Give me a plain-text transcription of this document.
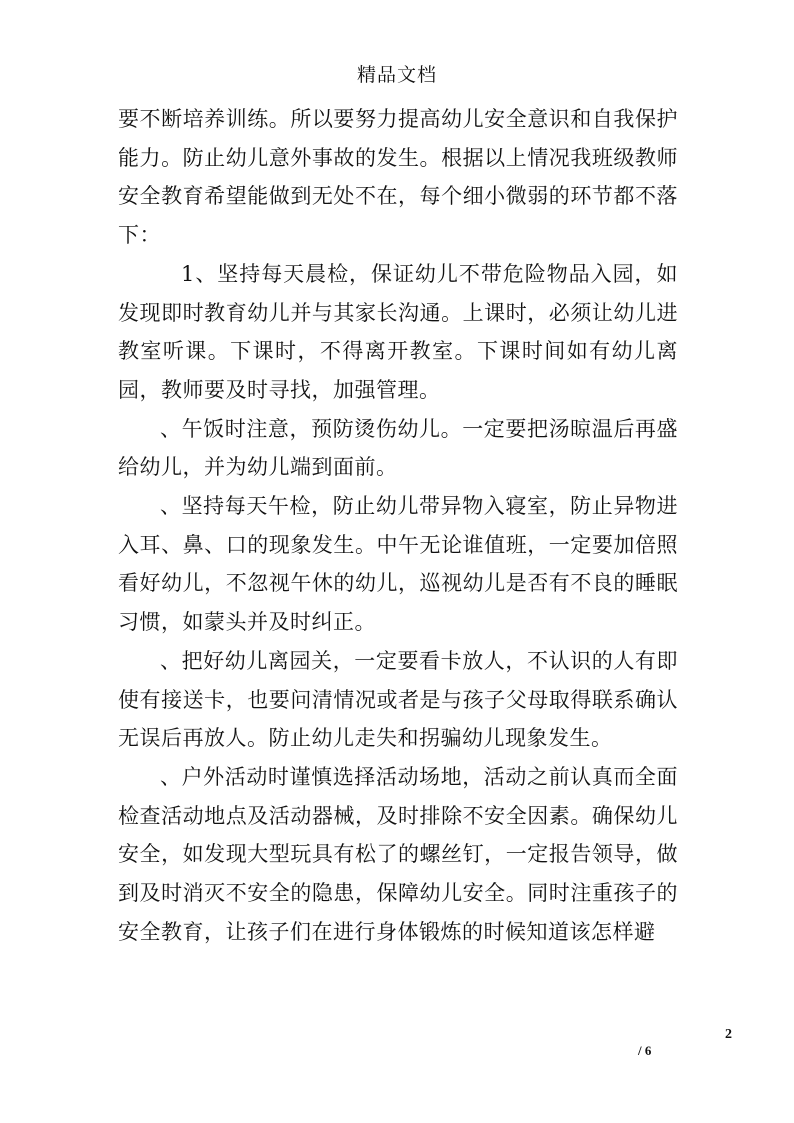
精品文档

要不断培养训练。所以要努力提高幼儿安全意识和自我保护能力。防止幼儿意外事故的发生。根据以上情况我班级教师安全教育希望能做到无处不在，每个细小微弱的环节都不落下：

1、坚持每天晨检，保证幼儿不带危险物品入园，如发现即时教育幼儿并与其家长沟通。上课时，必须让幼儿进教室听课。下课时，不得离开教室。下课时间如有幼儿离园，教师要及时寻找，加强管理。

、午饭时注意，预防烫伤幼儿。一定要把汤晾温后再盛给幼儿，并为幼儿端到面前。

、坚持每天午检，防止幼儿带异物入寝室，防止异物进入耳、鼻、口的现象发生。中午无论谁值班，一定要加倍照看好幼儿，不忽视午休的幼儿，巡视幼儿是否有不良的睡眠习惯，如蒙头并及时纠正。

、把好幼儿离园关，一定要看卡放人，不认识的人有即使有接送卡，也要问清情况或者是与孩子父母取得联系确认无误后再放人。防止幼儿走失和拐骗幼儿现象发生。

、户外活动时谨慎选择活动场地，活动之前认真而全面检查活动地点及活动器械，及时排除不安全因素。确保幼儿安全，如发现大型玩具有松了的螺丝钉，一定报告领导，做到及时消灭不安全的隐患，保障幼儿安全。同时注重孩子的安全教育，让孩子们在进行身体锻炼的时候知道该怎样避

2
/ 6
